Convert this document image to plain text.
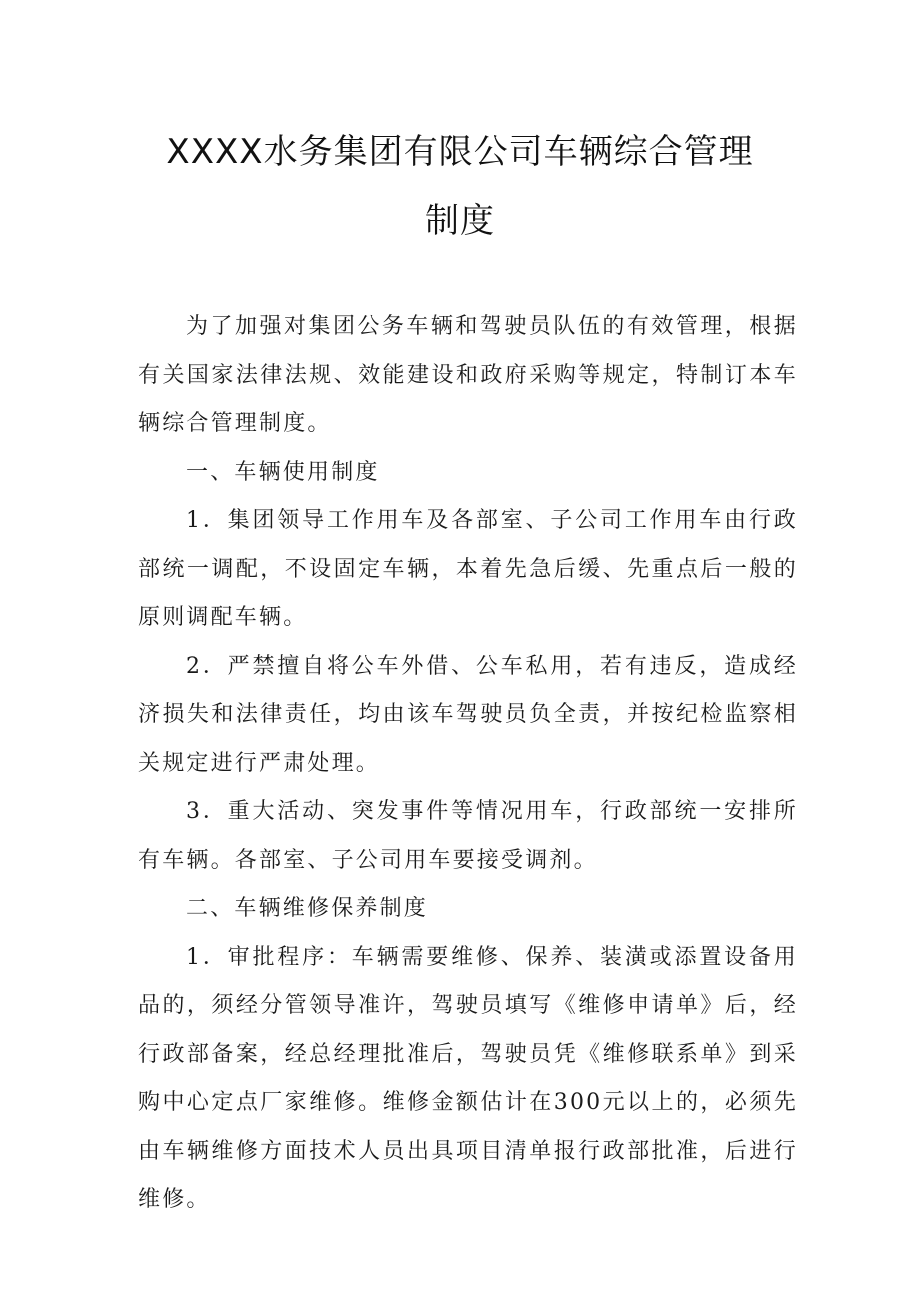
XXXX水务集团有限公司车辆综合管理
制度

为了加强对集团公务车辆和驾驶员队伍的有效管理，根据有关国家法律法规、效能建设和政府采购等规定，特制订本车辆综合管理制度。

一、车辆使用制度

1．集团领导工作用车及各部室、子公司工作用车由行政部统一调配，不设固定车辆，本着先急后缓、先重点后一般的原则调配车辆。

2．严禁擅自将公车外借、公车私用，若有违反，造成经济损失和法律责任，均由该车驾驶员负全责，并按纪检监察相关规定进行严肃处理。

3．重大活动、突发事件等情况用车，行政部统一安排所有车辆。各部室、子公司用车要接受调剂。

二、车辆维修保养制度

1．审批程序：车辆需要维修、保养、装潢或添置设备用品的，须经分管领导准许，驾驶员填写《维修申请单》后，经行政部备案，经总经理批准后，驾驶员凭《维修联系单》到采购中心定点厂家维修。维修金额估计在300元以上的，必须先由车辆维修方面技术人员出具项目清单报行政部批准，后进行维修。
